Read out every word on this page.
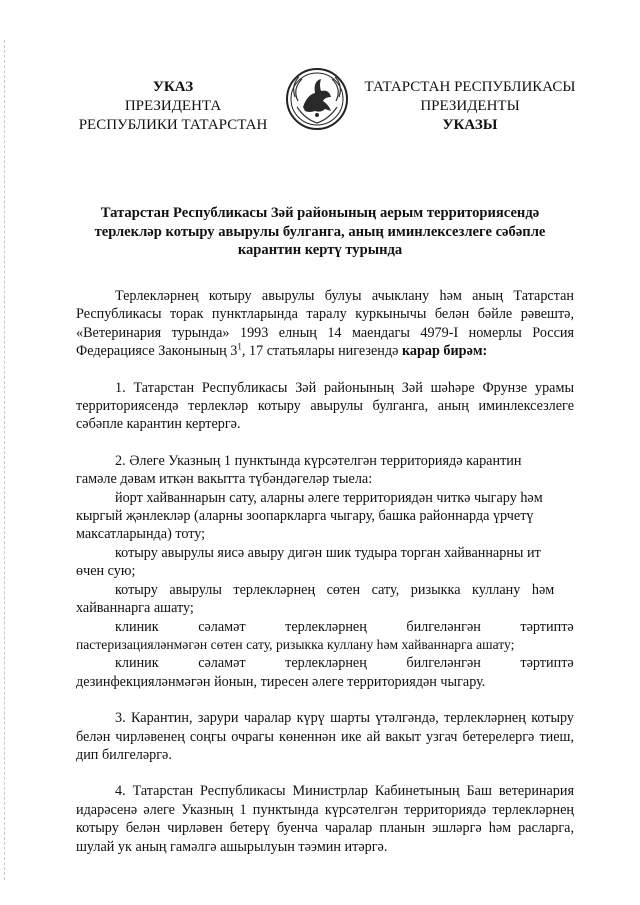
УКАЗ
ПРЕЗИДЕНТА
РЕСПУБЛИКИ ТАТАРСТАН
ТАТАРСТАН РЕСПУБЛИКАСЫ
ПРЕЗИДЕНТЫ
УКАЗЫ
Татарстан Республикасы Зәй районының аерым территориясендә
терлекләр котыру авырулы булганга, аның иминлексезлеге сәбәпле
карантин кертү турында
Терлекләрнең котыру авырулы булуы ачыклану һәм аның Татарстан Республикасы торак пунктларында таралу куркынычы белән бәйле рәвештә, «Ветеринария турында» 1993 елның 14 маендагы 4979-I номерлы Россия Федерациясе Законының $3^1$, 17 статьялары нигезендә карар бирәм:
1. Татарстан Республикасы Зәй районының Зәй шәһәре Фрунзе урамы территориясендә терлекләр котыру авырулы булганга, аның иминлексезлеге сәбәпле карантин кертергә.
2. Әлеге Указның 1 пунктында күрсәтелгән территориядә карантин
гамәле дәвам иткән вакытта түбәндәгеләр тыела:
йорт хайваннарын сату, аларны әлеге территориядән читкә чыгару һәм
кыргый җәнлекләр (аларны зоопаркларга чыгару, башка районнарда үрчетү
максатларында) тоту;
котыру авырулы яисә авыру дигән шик тудыра торган хайваннарны ит
өчен сую;
котыру авырулы терлекләрнең сөтен сату, ризыкка куллану һәм
хайваннарга ашату;
клиник сәламәт терлекләрнең билгеләнгән тәртиптә
пастеризацияләнмәгән сөтен сату, ризыкка куллану һәм хайваннарга ашату;
клиник сәламәт терлекләрнең билгеләнгән тәртиптә
дезинфекцияләнмәгән йонын, тиресен әлеге территориядән чыгару.
3. Карантин, зарури чаралар күрү шарты үтәлгәндә, терлекләрнең котыру белән чирләвенең соңгы очрагы көненнән ике ай вакыт узгач бетерелергә тиеш, дип билгеләргә.
4. Татарстан Республикасы Министрлар Кабинетының Баш ветеринария идарәсенә әлеге Указның 1 пунктында күрсәтелгән территориядә терлекләрнең котыру белән чирләвен бетерү буенча чаралар планын эшләргә һәм расларга, шулай ук аның гамәлгә ашырылуын тәэмин итәргә.
